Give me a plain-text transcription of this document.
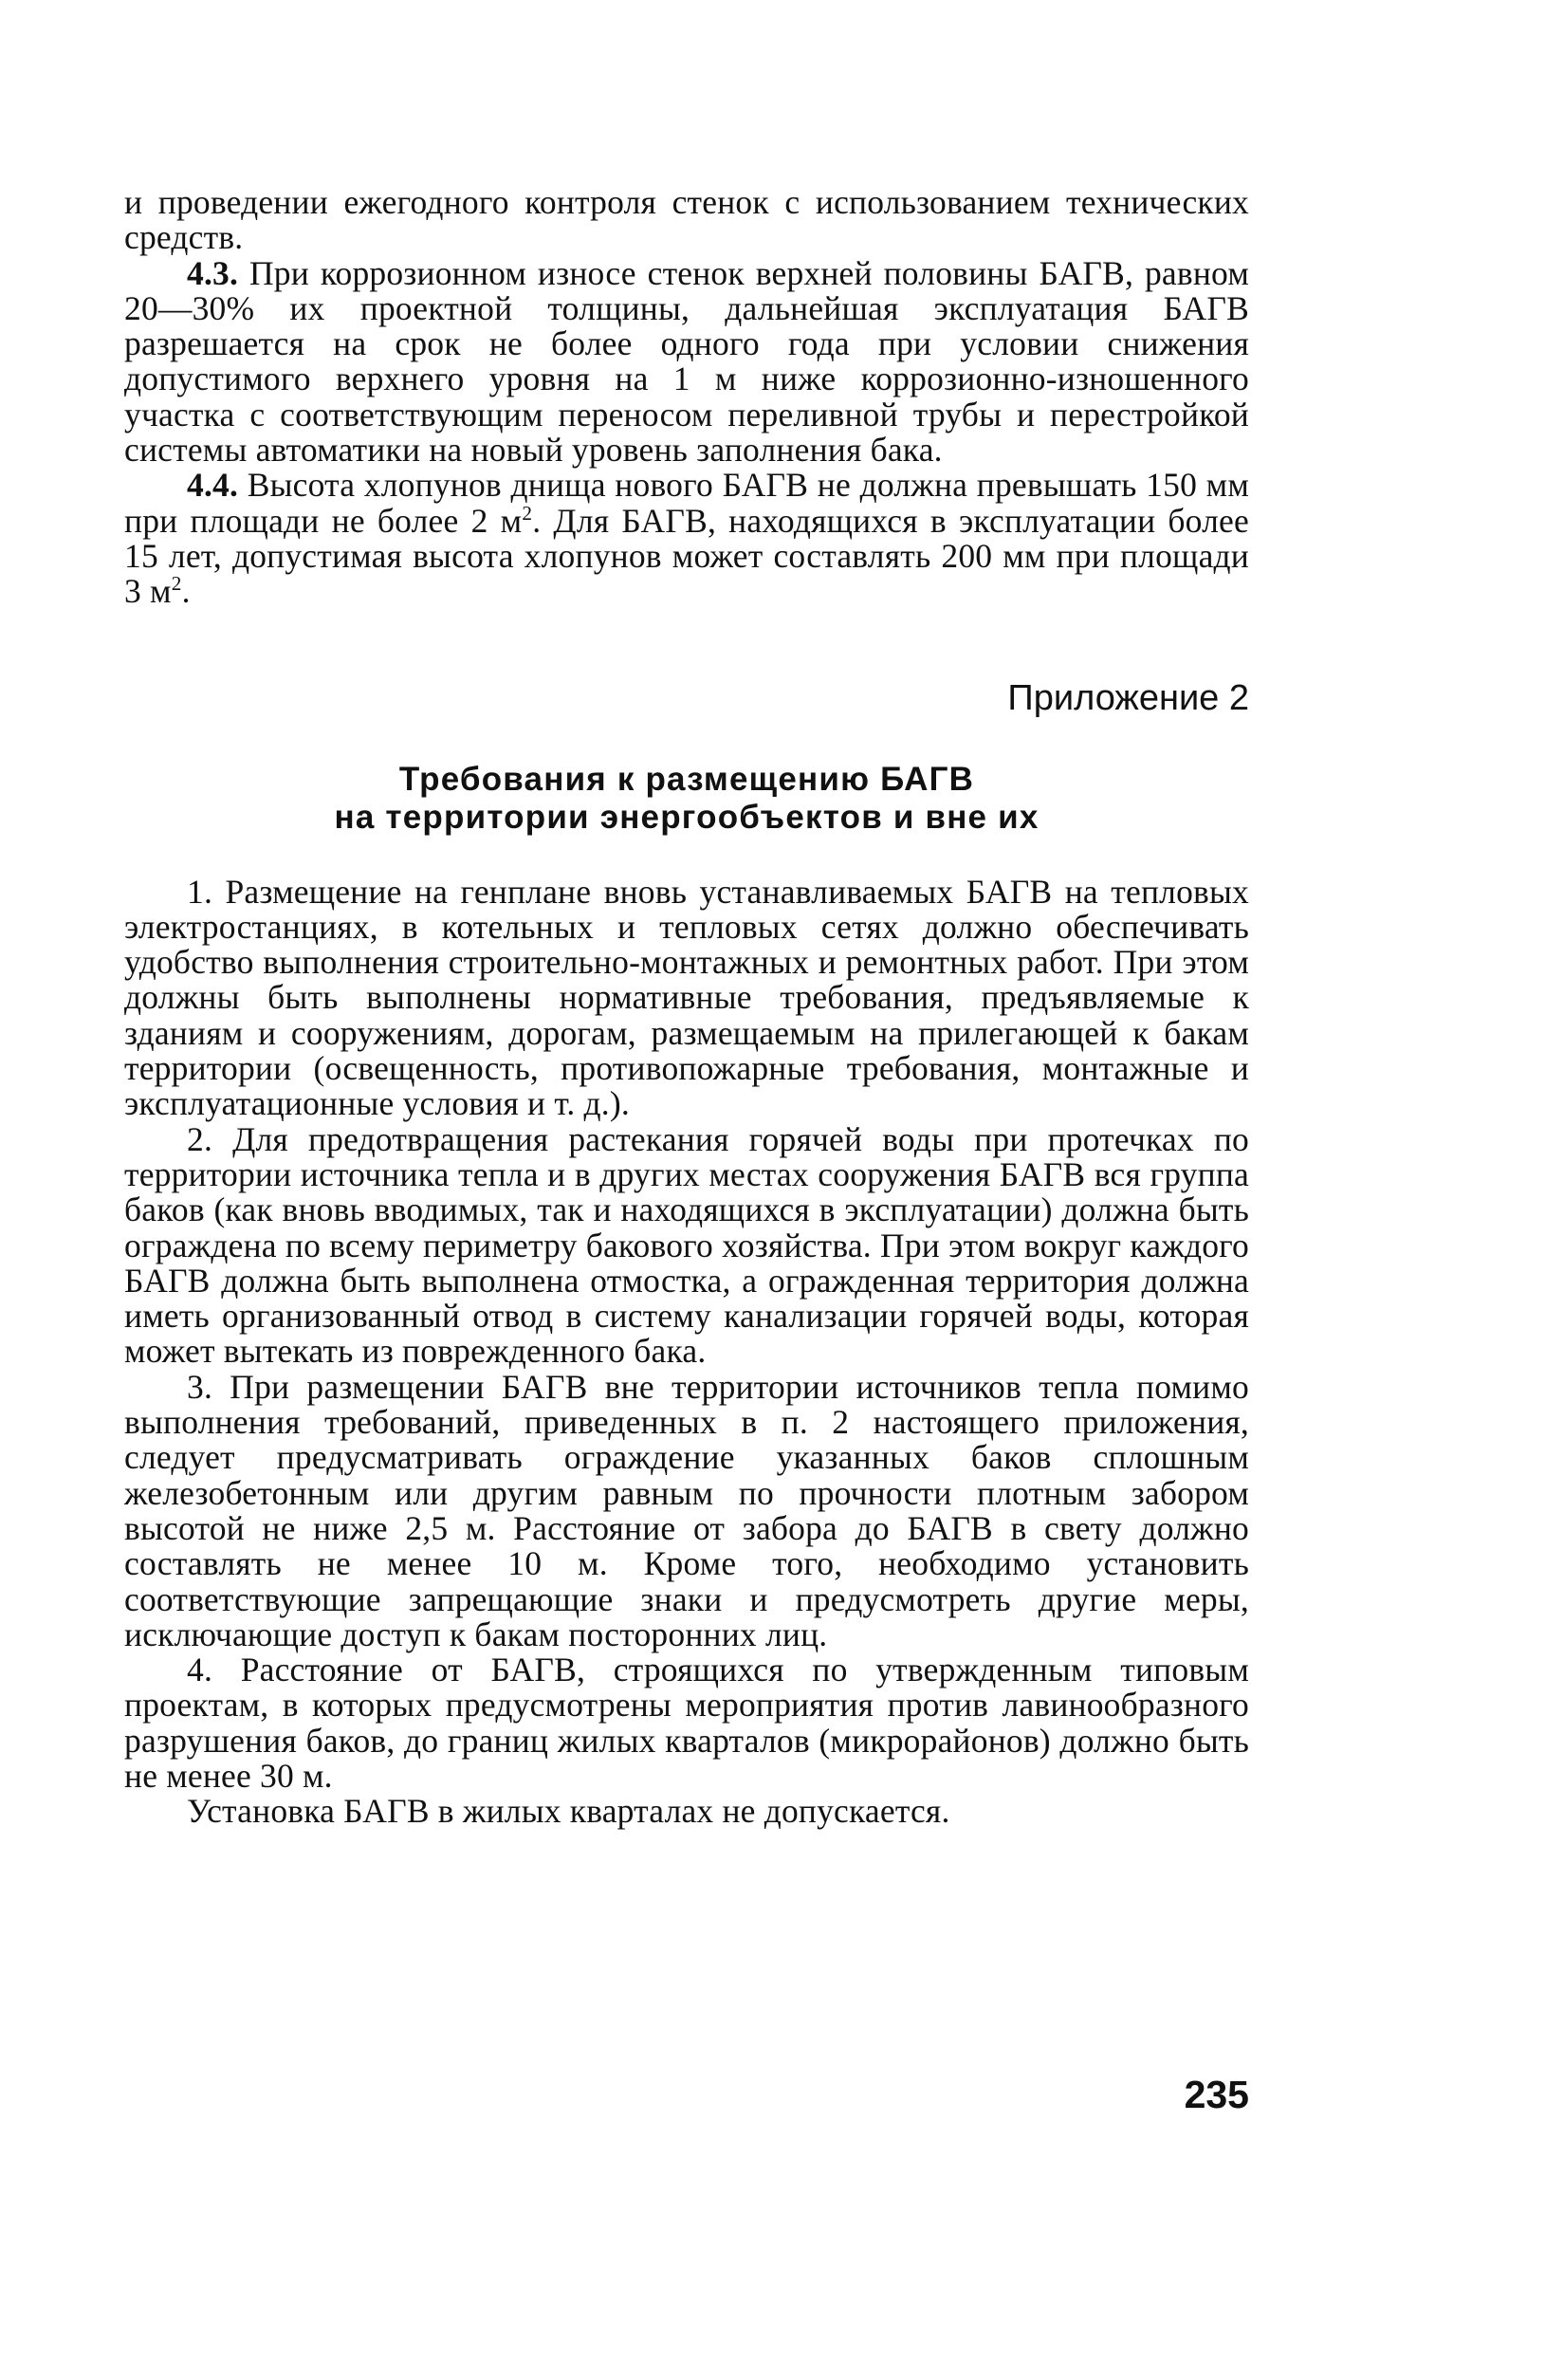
и проведении ежегодного контроля стенок с использованием технических средств.

4.3. При коррозионном износе стенок верхней половины БАГВ, равном 20—30% их проектной толщины, дальнейшая эксплуатация БАГВ разрешается на срок не более одного года при условии снижения допустимого верхнего уровня на 1 м ниже коррозионно-изношенного участка с соответствующим переносом переливной трубы и перестройкой системы автоматики на новый уровень заполнения бака.

4.4. Высота хлопунов днища нового БАГВ не должна превышать 150 мм при площади не более 2 $м^2$. Для БАГВ, находящихся в эксплуатации более 15 лет, допустимая высота хлопунов может составлять 200 мм при площади 3 $м^2$.

Приложение 2

Требования к размещению БАГВ
на территории энергообъектов и вне их

1. Размещение на генплане вновь устанавливаемых БАГВ на тепловых электростанциях, в котельных и тепловых сетях должно обеспечивать удобство выполнения строительно-монтажных и ремонтных работ. При этом должны быть выполнены нормативные требования, предъявляемые к зданиям и сооружениям, дорогам, размещаемым на прилегающей к бакам территории (освещенность, противопожарные требования, монтажные и эксплуатационные условия и т. д.).

2. Для предотвращения растекания горячей воды при протечках по территории источника тепла и в других местах сооружения БАГВ вся группа баков (как вновь вводимых, так и находящихся в эксплуатации) должна быть ограждена по всему периметру бакового хозяйства. При этом вокруг каждого БАГВ должна быть выполнена отмостка, а огражденная территория должна иметь организованный отвод в систему канализации горячей воды, которая может вытекать из поврежденного бака.

3. При размещении БАГВ вне территории источников тепла помимо выполнения требований, приведенных в п. 2 настоящего приложения, следует предусматривать ограждение указанных баков сплошным железобетонным или другим равным по прочности плотным забором высотой не ниже 2,5 м. Расстояние от забора до БАГВ в свету должно составлять не менее 10 м. Кроме того, необходимо установить соответствующие запрещающие знаки и предусмотреть другие меры, исключающие доступ к бакам посторонних лиц.

4. Расстояние от БАГВ, строящихся по утвержденным типовым проектам, в которых предусмотрены мероприятия против лавинообразного разрушения баков, до границ жилых кварталов (микрорайонов) должно быть не менее 30 м.

Установка БАГВ в жилых кварталах не допускается.

235
